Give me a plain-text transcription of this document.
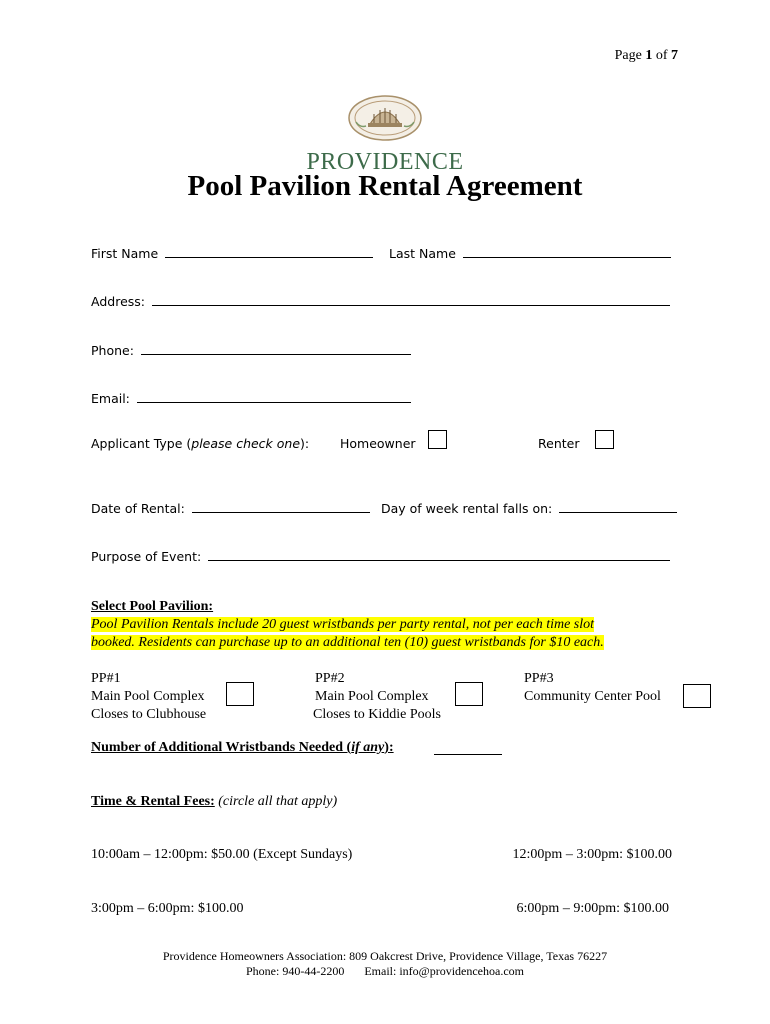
Page 1 of 7
PROVIDENCE
Pool Pavilion Rental Agreement
First Name	Last Name
Address:
Phone:
Email:
Applicant Type (please check one): Homeowner	Renter
Date of Rental:	Day of week rental falls on:
Purpose of Event:
Select Pool Pavilion:
Pool Pavilion Rentals include 20 guest wristbands per party rental, not per each time slot
booked. Residents can purchase up to an additional ten (10) guest wristbands for $10 each.
PP#1
Main Pool Complex
Closes to Clubhouse
PP#2
Main Pool Complex
Closes to Kiddie Pools
PP#3
Community Center Pool
Number of Additional Wristbands Needed (if any):
Time & Rental Fees: (circle all that apply)
10:00am – 12:00pm: $50.00 (Except Sundays)	12:00pm – 3:00pm: $100.00
3:00pm – 6:00pm: $100.00	6:00pm – 9:00pm: $100.00
Providence Homeowners Association: 809 Oakcrest Drive, Providence Village, Texas 76227
Phone: 940-44-2200 Email: info@providencehoa.com
